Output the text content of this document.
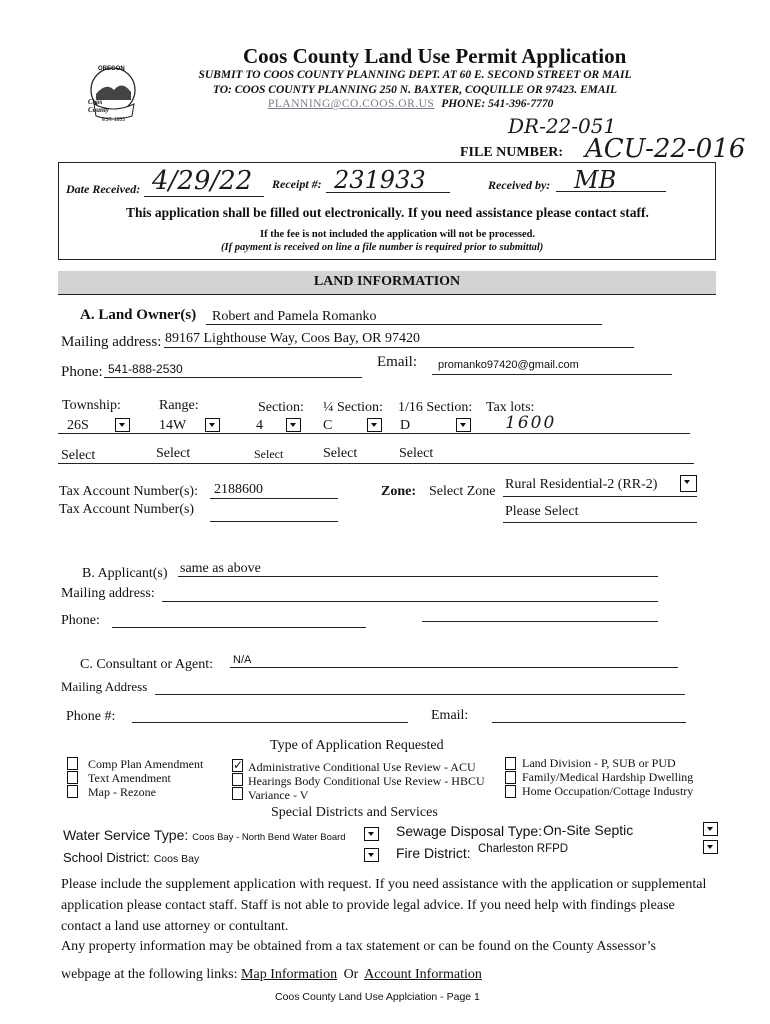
OREGON
Coos County
EST. 1853
Coos County Land Use Permit Application
SUBMIT TO COOS COUNTY PLANNING DEPT. AT 60 E. SECOND STREET OR MAIL
TO: COOS COUNTY PLANNING 250 N. BAXTER, COQUILLE OR 97423. EMAIL
PLANNING@CO.COOS.OR.US PHONE: 541-396-7770
DR-22-051
FILE NUMBER: ACU-22-016
Date Received: 4/29/22 Receipt #: 231933	Received by: MB
This application shall be filled out electronically. If you need assistance please contact staff.
If the fee is not included the application will not be processed.
(If payment is received on line a file number is required prior to submittal)
LAND INFORMATION
A. Land Owner(s) Robert and Pamela Romanko
Mailing address: 89167 Lighthouse Way, Coos Bay, OR 97420
Phone: 541-888-2530	Email: promanko97420@gmail.com
Township:	Range:	Section: ¼ Section: 1/16 Section: Tax lots:
26S	14W	4	C	D	1600
Select	Select	Select	Select	Select
Tax Account Number(s): 2188600
Tax Account Number(s)
Zone: Select Zone Rural Residential-2 (RR-2)
Please Select
B. Applicant(s) same as above
Mailing address:
Phone:
C. Consultant or Agent: N/A
Mailing Address
Phone #:	Email:
Type of Application Requested
Comp Plan Amendment
Text Amendment
Map - Rezone
✓ Administrative Conditional Use Review - ACU
Hearings Body Conditional Use Review - HBCU
Variance - V
Land Division - P, SUB or PUD
Family/Medical Hardship Dwelling
Home Occupation/Cottage Industry
Special Districts and Services
Water Service Type: Coos Bay - North Bend Water Board	Sewage Disposal Type: On-Site Septic
School District: Coos Bay	Fire District: Charleston RFPD
Please include the supplement application with request. If you need assistance with the application or supplemental application please contact staff. Staff is not able to provide legal advice. If you need help with findings please contact a land use attorney or contultant.
Any property information may be obtained from a tax statement or can be found on the County Assessor’s
webpage at the following links: Map Information Or Account Information
Coos County Land Use Applciation - Page 1
